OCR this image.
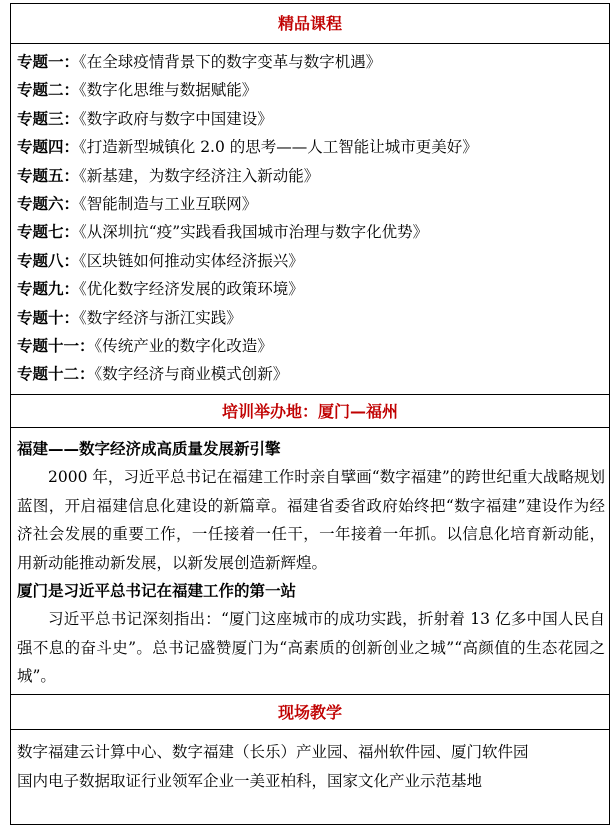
精品课程
专题一：《在全球疫情背景下的数字变革与数字机遇》
专题二：《数字化思维与数据赋能》
专题三：《数字政府与数字中国建设》
专题四：《打造新型城镇化 2.0 的思考——人工智能让城市更美好》
专题五：《新基建，为数字经济注入新动能》
专题六：《智能制造与工业互联网》
专题七：《从深圳抗“疫”实践看我国城市治理与数字化优势》
专题八：《区块链如何推动实体经济振兴》
专题九：《优化数字经济发展的政策环境》
专题十：《数字经济与浙江实践》
专题十一：《传统产业的数字化改造》
专题十二：《数字经济与商业模式创新》
培训举办地：厦门—福州
福建——数字经济成高质量发展新引擎

2000 年，习近平总书记在福建工作时亲自擘画“数字福建”的跨世纪重大战略规划蓝图，开启福建信息化建设的新篇章。福建省委省政府始终把“数字福建”建设作为经济社会发展的重要工作，一任接着一任干，一年接着一年抓。以信息化培育新动能，用新动能推动新发展，以新发展创造新辉煌。

厦门是习近平总书记在福建工作的第一站

习近平总书记深刻指出：“厦门这座城市的成功实践，折射着 13 亿多中国人民自强不息的奋斗史”。总书记盛赞厦门为“高素质的创新创业之城”“高颜值的生态花园之城”。

现场教学
数字福建云计算中心、数字福建（长乐）产业园、福州软件园、厦门软件园
国内电子数据取证行业领军企业一美亚柏科，国家文化产业示范基地
